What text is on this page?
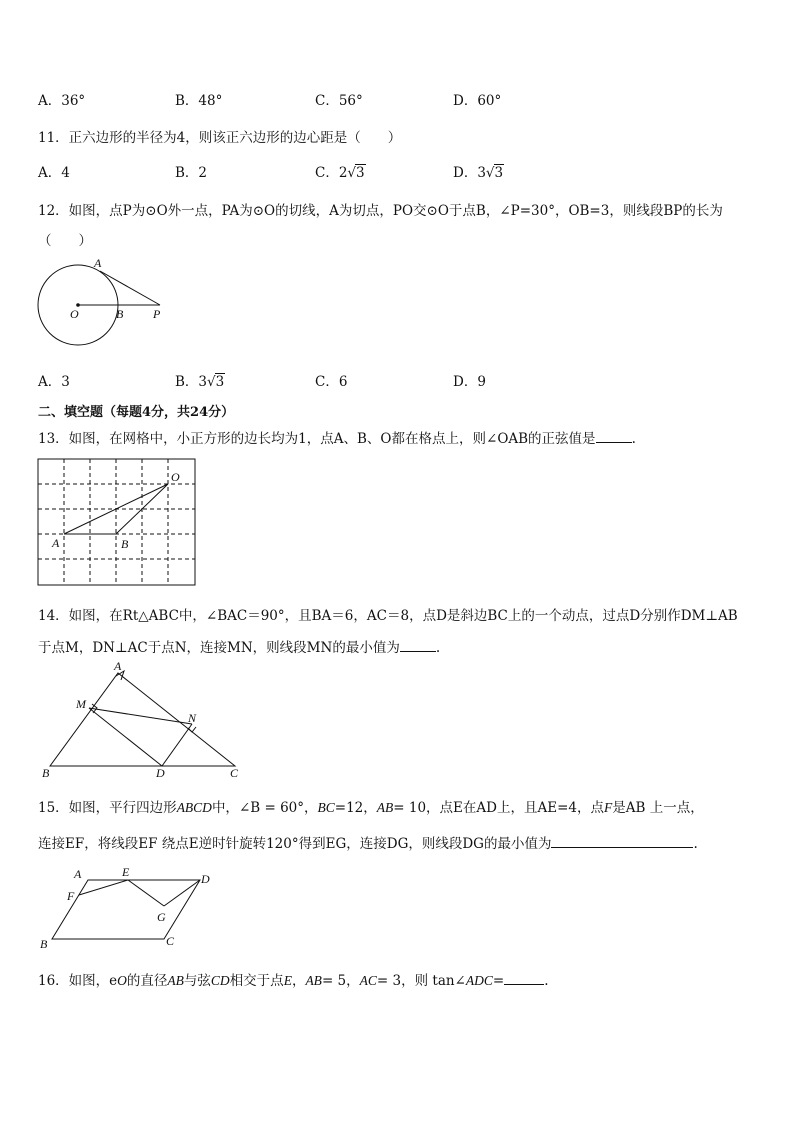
A．36°	B．48°	C．56°	D．60°
11．正六边形的半径为4，则该正六边形的边心距是（　　）
A．4	B．2	C．2√3	D．3√3
12．如图，点P为⊙O外一点，PA为⊙O的切线，A为切点，PO交⊙O于点B，∠P=30°，OB=3，则线段BP的长为
（　　）
A
O	B P
A．3	B．3√3	C．6	D．9
二、填空题（每题4分，共24分）
13．如图，在网格中，小正方形的边长均为1，点A、B、O都在格点上，则∠OAB的正弦值是	.
O
A	B
14．如图，在Rt△ABC中，∠BAC＝90°，且BA＝6，AC＝8，点D是斜边BC上的一个动点，过点D分别作DM⊥AB
于点M，DN⊥AC于点N，连接MN，则线段MN的最小值为	.
A
M
N
B	D	C
15．如图，平行四边形ABCD中，∠B = 60°，BC=12，AB= 10，点E在AD上，且AE=4，点F是AB 上一点，
连接EF，将线段EF 绕点E逆时针旋转120°得到EG，连接DG，则线段DG的最小值为	.
A	E	D
F
G
B	C
16．如图，eO的直径AB与弦CD相交于点E，AB= 5，AC= 3，则 tan∠ADC=	.
